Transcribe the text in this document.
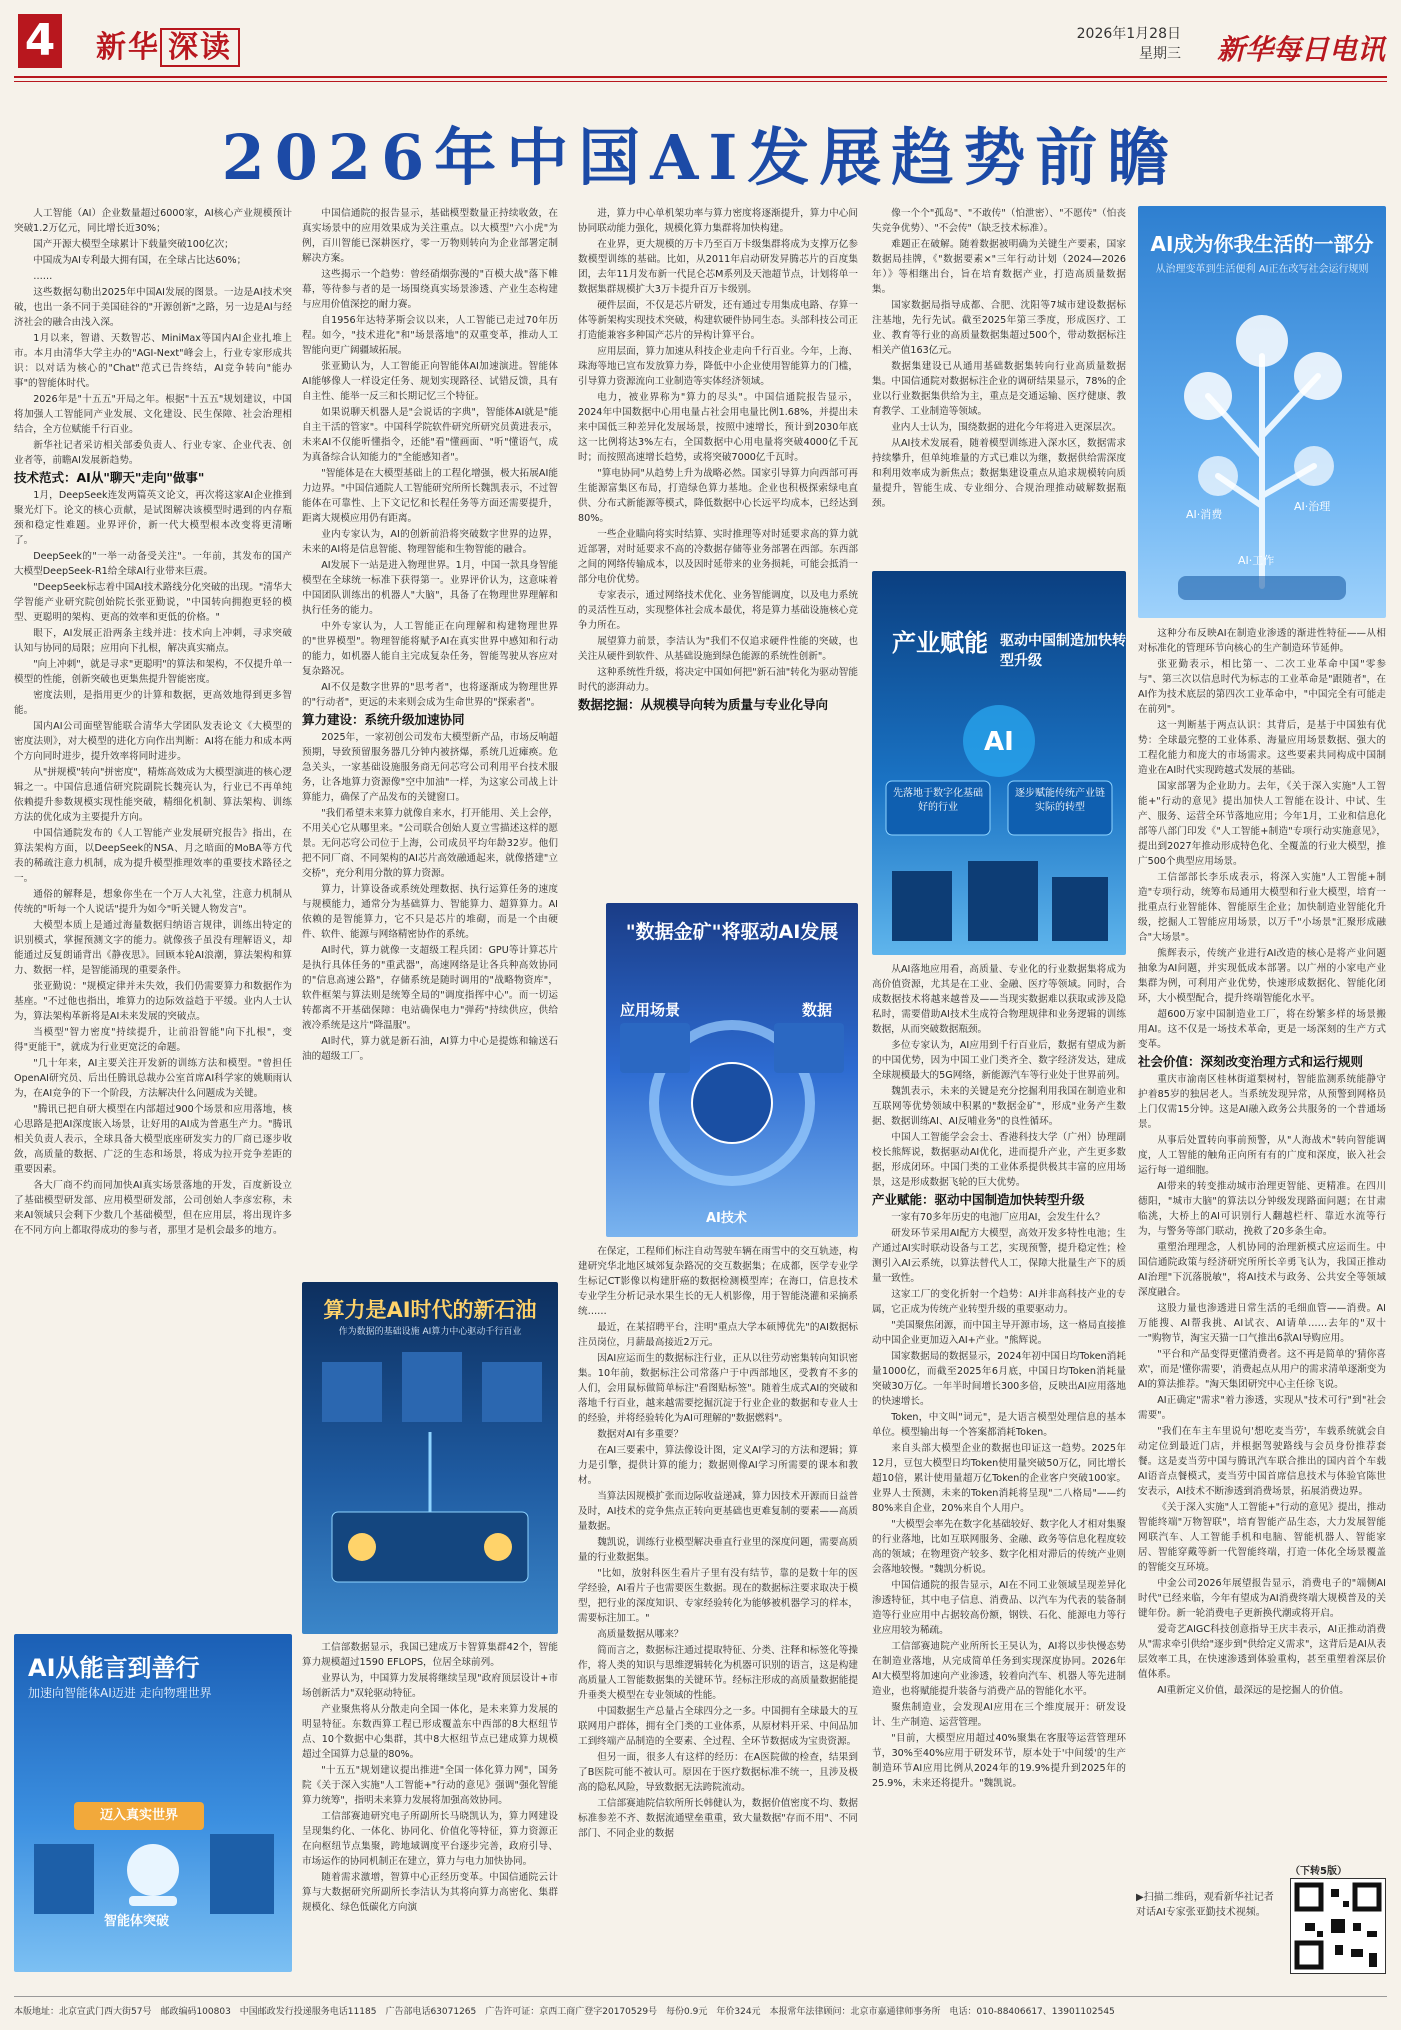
4 新华 深读	2026年1月28日
星期三 新华每日电讯
2026年中国AI发展趋势前瞻

人工智能（AI）企业数量超过6000家，AI核心产业规模预计突破1.2万亿元，同比增长近30%；

国产开源大模型全球累计下载量突破100亿次；

中国成为AI专利最大拥有国，在全球占比达60%；

……

这些数据勾勒出2025年中国AI发展的图景。一边是AI技术突破，也出一条不同于美国硅谷的"开源创新"之路，另一边是AI与经济社会的融合由浅入深。

1月以来，智谱、天数智芯、MiniMax等国内AI企业扎堆上市。本月由清华大学主办的"AGI-Next"峰会上，行业专家形成共识：以对话为核心的"Chat"范式已告终结，AI竞争转向"能办事"的智能体时代。

2026年是"十五五"开局之年。根据"十五五"规划建议，中国将加强人工智能同产业发展、文化建设、民生保障、社会治理相结合，全方位赋能千行百业。

新华社记者采访相关部委负责人、行业专家、企业代表、创业者等，前瞻AI发展新趋势。

技术范式：AI从"聊天"走向"做事"

1月，DeepSeek连发两篇英文论文，再次将这家AI企业推到聚光灯下。论文的核心贡献，是试图解决该模型时遇到的内存瓶颈和稳定性难题。业界评价，新一代大模型根本改变将更清晰了。

DeepSeek的"一举一动备受关注"。一年前，其发布的国产大模型DeepSeek-R1给全球AI行业带来巨震。

"DeepSeek标志着中国AI技术路线分化突破的出现。"清华大学智能产业研究院创始院长张亚勤说，"中国转向拥抱更轻的模型、更聪明的架构、更高的效率和更低的价格。"

眼下，AI发展正沿两条主线并进：技术向上冲刺，寻求突破认知与协同的局限；应用向下扎根，解决真实痛点。

"向上冲刺"，就是寻求"更聪明"的算法和架构，不仅提升单一模型的性能，创新突破也更集焦提升智能密度。

密度法则，是指用更少的计算和数据，更高效地得到更多智能。

国内AI公司面壁智能联合清华大学团队发表论文《大模型的密度法则》，对大模型的进化方向作出判断：AI将在能力和成本两个方向同时进步，提升效率将同时进步。

从"拼规模"转向"拼密度"，精炼高效成为大模型演进的核心逻辑之一。中国信息通信研究院副院长魏亮认为，行业已不再单纯依赖提升参数规模实现性能突破，精细化机制、算法架构、训练方法的优化成为主要提升方向。

中国信通院发布的《人工智能产业发展研究报告》指出，在算法架构方面，以DeepSeek的NSA、月之暗面的MoBA等方代表的稀疏注意力机制，成为提升模型推理效率的重要技术路径之一。

通俗的解释是，想象你坐在一个万人大礼堂，注意力机制从传统的"听每一个人说话"提升为如今"听关键人物发言"。

大模型本质上是通过海量数据归纳语言规律，训练出特定的识别模式，掌握预测文字的能力。就像孩子虽没有理解语义，却能通过反复朗诵背出《静夜思》。回顾本轮AI浪潮，算法架构和算力、数据一样，是智能涌现的重要条件。

张亚勤说："规模定律并未失效，我们仍需要算力和数据作为基座。"不过他也指出，堆算力的边际效益趋于平缓。业内人士认为，算法架构革新将是AI未来发展的突破点。

当模型"智力密度"持续提升，让前沿智能"向下扎根"，变得"更能干"，就成为行业更宽泛的命题。

"几十年来，AI主要关注开发新的训练方法和模型。"曾担任OpenAI研究员、后出任腾讯总裁办公室首席AI科学家的姚顺雨认为，在AI竞争的下一个阶段，方法解决什么问题成为关键。

"腾讯已把自研大模型在内部超过900个场景和应用落地，核心思路是把AI深度嵌入场景，让好用的AI成为普惠生产力。"腾讯相关负责人表示，全球具备大模型底座研发实力的厂商已逐步收敛，高质量的数据、广泛的生态和场景，将成为拉开竞争差距的重要因素。

各大厂商不约而同加快AI真实场景落地的开发，百度新设立了基础模型研发部、应用模型研发部，公司创始人李彦宏称，未来AI领域只会剩下少数几个基础模型，但在应用层，将出现许多在不同方向上都取得成功的参与者，那里才是机会最多的地方。

中国信通院的报告显示，基础模型数量正持续收敛，在真实场景中的应用效果成为关注重点。以大模型"六小虎"为例，百川智能已深耕医疗，零一万物则转向为企业部署定制解决方案。

这些揭示一个趋势：曾经硝烟弥漫的"百模大战"落下帷幕，等待参与者的是一场围绕真实场景渗透、产业生态构建与应用价值深挖的耐力赛。

自1956年达特茅斯会议以来，人工智能已走过70年历程。如今，"技术进化"和"场景落地"的双重变革，推动人工智能向更广阔疆域拓展。

张亚勤认为，人工智能正向智能体AI加速演进。智能体AI能够像人一样设定任务、规划实现路径、试错反馈，具有自主性、能举一反三和长期记忆三个特征。

如果说聊天机器人是"会说话的字典"，智能体AI就是"能自主干活的管家"。中国科学院软件研究所研究员黄进表示，未来AI不仅能听懂指令，还能"看"懂画面、"听"懂语气，成为真备综合认知能力的"全能感知者"。

"智能体是在大模型基础上的工程化增强，极大拓展AI能力边界。"中国信通院人工智能研究所所长魏凯表示，不过智能体在可靠性、上下文记忆和长程任务等方面还需要提升，距离大规模应用仍有距离。

业内专家认为，AI的创新前沿将突破数字世界的边界，未来的AI将是信息智能、物理智能和生物智能的融合。

AI发展下一站是进入物理世界。1月，中国一款具身智能模型在全球统一标准下获得第一。业界评价认为，这意味着中国团队训练出的机器人"大脑"，具备了在物理世界理解和执行任务的能力。

中外专家认为，人工智能正在向理解和构建物理世界的"世界模型"。物理智能将赋予AI在真实世界中感知和行动的能力，如机器人能自主完成复杂任务，智能驾驶从容应对复杂路况。

AI不仅是数字世界的"思考者"，也将逐渐成为物理世界的"行动者"，更远的未来则会成为生命世界的"探索者"。

算力建设：系统升级加速协同

2025年，一家初创公司发布大模型新产品，市场反响超预期，导致预留服务器几分钟内被挤爆，系统几近瘫痪。危急关头，一家基础设施服务商无问芯穹公司利用平台技术服务，让各地算力资源像"空中加油"一样，为这家公司战上计算能力，确保了产品发布的关键窗口。

"我们希望未来算力就像自来水，打开能用、关上会停，不用关心它从哪里来。"公司联合创始人夏立雪描述这样的愿景。无问芯穹公司位于上海，公司成员平均年龄32岁。他们把不同厂商、不同架构的AI芯片高效融通起来，就像搭建"立交桥"，充分利用分散的算力资源。

算力，计算设备或系统处理数据、执行运算任务的速度与规模能力，通常分为基础算力、智能算力、超算算力。AI依赖的是智能算力，它不只是芯片的堆砌，而是一个由硬件、软件、能源与网络精密协作的系统。

AI时代，算力就像一支超级工程兵团：GPU等计算芯片是执行具体任务的"重武器"，高速网络是让各兵种高效协同的"信息高速公路"，存储系统是随时调用的"战略物资库"，软件框架与算法则是统筹全局的"调度指挥中心"。而一切运转都离不开基础保障：电站确保电力"弹药"持续供应，供给液冷系统是这片"降温服"。

AI时代，算力就是新石油，AI算力中心是提炼和输送石油的超级工厂。

工信部数据显示，我国已建成万卡智算集群42个，智能算力规模超过1590 EFLOPS，位居全球前列。

业界认为，中国算力发展将继续呈现"政府顶层设计+市场创新活力"双轮驱动特征。

产业聚焦将从分散走向全国一体化，是未来算力发展的明显特征。东数西算工程已形成覆盖东中西部的8大枢纽节点、10个数据中心集群，其中8大枢纽节点已建成算力规模超过全国算力总量的80%。

"十五五"规划建议提出推进"全国一体化算力网"，国务院《关于深入实施"人工智能+"行动的意见》强调"强化智能算力统筹"，指明未来算力发展将加强高效协同。

工信部赛迪研究电子所副所长马晓凯认为，算力网建设呈现集约化、一体化、协同化、价值化等特征，算力资源正在向枢纽节点集聚，跨地域调度平台逐步完善，政府引导、市场运作的协同机制正在建立，算力与电力加快协同。

随着需求激增，智算中心正经历变革。中国信通院云计算与大数据研究所副所长李洁认为其将向算力高密化、集群规模化、绿色低碳化方向演

进，算力中心单机架功率与算力密度将逐渐提升，算力中心间协同联动能力强化，规模化算力集群将加快构建。

在业界，更大规模的万卡乃至百万卡级集群将成为支撑万亿参数模型训练的基础。比如，从2011年启动研发昇腾芯片的百度集团，去年11月发布新一代昆仑芯M系列及天池超节点，计划将单一数据集群规模扩大3万卡提升百万卡级别。

硬件层面，不仅是芯片研发，还有通过专用集成电路、存算一体等新架构实现技术突破，构建软硬件协同生态。头部科技公司正打造能兼容多种国产芯片的异构计算平台。

应用层面，算力加速从科技企业走向千行百业。今年，上海、珠海等地已宣布发放算力券，降低中小企业使用智能算力的门槛，引导算力资源流向工业制造等实体经济领域。

电力，被业界称为"算力的尽头"。中国信通院报告显示，2024年中国数据中心用电量占社会用电量比例1.68%，并提出未来中国低三种差异化发展场景，按照中速增长，预计到2030年底这一比例将达3%左右，全国数据中心用电量将突破4000亿千瓦时；而按照高速增长趋势，或将突破7000亿千瓦时。

"算电协同"从趋势上升为战略必然。国家引导算力向西部可再生能源富集区布局，打造绿色算力基地。企业也积极探索绿电直供、分布式新能源等模式，降低数据中心长远平均成本，已经达到80%。

一些企业瞄向将实时结算、实时推理等对时延要求高的算力就近部署，对时延要求不高的冷数据存储等业务部署在西部。东西部之间的网络传输成本，以及因时延带来的业务损耗，可能会抵消一部分电价优势。

专家表示，通过网络技术优化、业务智能调度，以及电力系统的灵活性互动，实现整体社会成本最优，将是算力基础设施核心竞争力所在。

展望算力前景，李洁认为"我们不仅追求硬件性能的突破，也关注从硬件到软件、从基础设施到绿色能源的系统性创新"。

这种系统性升级，将决定中国如何把"新石油"转化为驱动智能时代的澎湃动力。

数据挖掘：从规模导向转为质量与专业化导向

在保定，工程师们标注自动驾驶车辆在雨雪中的交互轨迹，构建研究华北地区城郊复杂路况的交互数据集；在成都，医学专业学生标记CT影像以构建肝癌的数据检测模型库；在海口，信息技术专业学生分析记录水果生长的无人机影像，用于智能浇灌和采摘系统……

最近，在某招聘平台，注明"重点大学本硕博优先"的AI数据标注员岗位，月薪最高接近2万元。

因AI应运而生的数据标注行业，正从以往劳动密集转向知识密集。10年前，数据标注公司常落户于中西部地区，受教育不多的人们，会用鼠标做简单标注"看图贴标签"。随着生成式AI的突破和落地千行百业，越来越需要挖掘沉淀于行业企业的数据和专业人士的经验，并将经验转化为AI可理解的"数据燃料"。

数据对AI有多重要？

在AI三要素中，算法像设计图，定义AI学习的方法和逻辑；算力是引擎，提供计算的能力；数据则像AI学习所需要的课本和教材。

当算法因规模扩张而边际收益递减，算力因技术开源而日益普及时，AI技术的竞争焦点正转向更基础也更难复制的要素——高质量数据。

魏凯说，训练行业模型解决垂直行业里的深度问题，需要高质量的行业数据集。

"比如，放射科医生看片子里有没有结节，靠的是数十年的医学经验，AI看片子也需要医生数据。现在的数据标注要求取决于模型，把行业的深度知识、专家经验转化为能够被机器学习的样本，需要标注加工。"

高质量数据从哪来？

简而言之，数据标注通过提取特征、分类、注释和标签化等操作，将人类的知识与思维逻辑转化为机器可识别的语言，这是构建高质量人工智能数据集的关键环节。经标注形成的高质量数据能提升垂类大模型在专业领域的性能。

中国数据生产总量占全球四分之一多。中国拥有全球最大的互联网用户群体，拥有全门类的工业体系，从原材料开采、中间品加工到终端产品制造的全要素、全过程、全环节数据成为宝贵资源。

但另一面，很多人有这样的经历：在A医院做的检查，结果到了B医院可能不被认可。原因在于医疗数据标准不统一，且涉及极高的隐私风险，导致数据无法跨院流动。

工信部赛迪院信软所所长韩健认为，数据价值密度不均、数据标准参差不齐、数据流通壁垒重重，致大量数据"存而不用"、不同部门、不同企业的数据

像一个个"孤岛"、"不敢传"（怕泄密）、"不愿传"（怕丧失竞争优势）、"不会传"（缺乏技术标准）。

难题正在破解。随着数据被明确为关键生产要素，国家数据局挂牌，《"数据要素×"三年行动计划（2024—2026年）》等相继出台，旨在培育数据产业，打造高质量数据集。

国家数据局指导成都、合肥、沈阳等7城市建设数据标注基地，先行先试。截至2025年第三季度，形成医疗、工业、教育等行业的高质量数据集超过500个，带动数据标注相关产值163亿元。

数据集建设已从通用基础数据集转向行业高质量数据集。中国信通院对数据标注企业的调研结果显示，78%的企业以行业数据集供给为主，重点是交通运输、医疗健康、教育教学、工业制造等领域。

业内人士认为，围绕数据的进化今年将进入更深层次。

从AI技术发展看，随着模型训练进入深水区，数据需求持续攀升，但单纯堆量的方式已难以为继，数据供给需深度和利用效率成为新焦点；数据集建设重点从追求规模转向质量提升，智能生成、专业细分、合规治理推动破解数据瓶颈。

从AI落地应用看，高质量、专业化的行业数据集将成为高价值资源，尤其是在工业、金融、医疗等领域。同时，合成数据技术将越来越普及——当现实数据难以获取或涉及隐私时，需要借助AI技术生成符合物理规律和业务逻辑的训练数据，从而突破数据瓶颈。

多位专家认为，AI应用到千行百业后，数据有望成为新的中国优势，因为中国工业门类齐全、数字经济发达，建成全球规模最大的5G网络，新能源汽车等行业处于世界前列。

魏凯表示，未来的关键是充分挖掘利用我国在制造业和互联网等优势领域中积累的"数据金矿"，形成"业务产生数据、数据训练AI、AI反哺业务"的良性循环。

中国人工智能学会会士、香港科技大学（广州）协理副校长熊辉说，数据驱动AI优化，进而提升产业，产生更多数据，形成闭环。中国门类的工业体系提供极其丰富的应用场景，这是形成数据飞轮的巨大优势。

产业赋能：驱动中国制造加快转型升级

一家有70多年历史的电池厂应用AI，会发生什么？

研发环节采用AI配方大模型，高效开发多特性电池；生产通过AI实时联动设备与工艺，实现预警，提升稳定性；检测引入AI云系统，以算法替代人工，保障大批量生产下的质量一致性。

这家工厂的变化折射一个趋势：AI并非高科技产业的专属，它正成为传统产业转型升级的重要驱动力。

"美国聚焦闭源，而中国主导开源市场，这一格局直接推动中国企业更加迈入AI+产业。"熊辉说。

国家数据局的数据显示，2024年初中国日均Token消耗量1000亿，而截至2025年6月底，中国日均Token消耗量突破30万亿。一年半时间增长300多倍，反映出AI应用落地的快速增长。

Token，中文叫"词元"，是大语言模型处理信息的基本单位。模型输出每一个答案都消耗Token。

来自头部大模型企业的数据也印证这一趋势。2025年12月，豆包大模型日均Token使用量突破50万亿，同比增长超10倍，累计使用量超万亿Token的企业客户突破100家。业界人士预测，未来的Token消耗将呈现"二八格局"——约80%来自企业，20%来自个人用户。

"大模型会率先在数字化基础较好、数字化人才相对集聚的行业落地，比如互联网服务、金融、政务等信息化程度较高的领域；在物理资产较多、数字化相对滞后的传统产业则会落地较慢。"魏凯分析说。

中国信通院的报告显示，AI在不同工业领域呈现差异化渗透特征，其中电子信息、消费品、以汽车为代表的装备制造等行业应用中占据较高份额，钢铁、石化、能源电力等行业应用较为稀疏。

工信部赛迪院产业所所长王昊认为，AI将以步快慢态势在制造业落地，从完成简单任务到实现深度协同。2026年AI大模型将加速向产业渗透，较着向汽车、机器人等先进制造业，也将赋能提升装备与消费产品的智能化水平。

聚焦制造业，会发现AI应用在三个维度展开：研发设计、生产制造、运营管理。

"目前，大模型应用超过40%聚集在客服等运营管理环节，30%至40%应用于研发环节，原本处于'中间缓'的生产制造环节AI应用比例从2024年的19.9%提升到2025年的25.9%，未来还将提升。"魏凯说。

这种分布反映AI在制造业渗透的渐进性特征——从相对标准化的管理环节向核心的生产制造环节延伸。

张亚勤表示，相比第一、二次工业革命中国"零参与"、第三次以信息时代为标志的工业革命是"跟随者"，在AI作为技术底层的第四次工业革命中，"中国完全有可能走在前列"。

这一判断基于两点认识：其背后，是基于中国独有优势：全球最完整的工业体系、海量应用场景数据、强大的工程化能力和庞大的市场需求。这些要素共同构成中国制造业在AI时代实现跨越式发展的基础。

国家部署为企业助力。去年，《关于深入实施"人工智能+"行动的意见》提出加快人工智能在设计、中试、生产、服务、运营全环节落地应用；今年1月，工业和信息化部等八部门印发《"人工智能+制造"专项行动实施意见》，提出到2027年推动形成特色化、全覆盖的行业大模型，推广500个典型应用场景。

工信部部长李乐成表示，将深入实施"人工智能+制造"专项行动，统筹布局通用大模型和行业大模型，培育一批重点行业智能体、智能原生企业；加快制造业智能化升级，挖掘人工智能应用场景，以万千"小场景"汇聚形成融合"大场景"。

熊辉表示，传统产业进行AI改造的核心是将产业问题抽象为AI问题，并实现低成本部署。以广州的小家电产业集群为例，可利用产业优势，快速形成数据化、智能化闭环，大小模型配合，提升终端智能化水平。

超600万家中国制造业工厂，将在纷繁多样的场景搬用AI。这不仅是一场技术革命，更是一场深刻的生产方式变革。

社会价值：深刻改变治理方式和运行规则

重庆市渝南区桂林街道梨树村，智能监测系统能静守护着85岁的独居老人。当系统发现异常，从预警到网格员上门仅需15分钟。这是AI融入政务公共服务的一个普通场景。

从事后处置转向事前预警，从"人海战术"转向智能调度，人工智能的触角正向所有有的广度和深度，嵌入社会运行每一道细胞。

AI带来的转变推动城市治理更智能、更精准。在四川德阳，"城市大脑"的算法以分钟级发现路面问题；在甘肃临洮，大桥上的AI可识别行人翻越栏杆、靠近水流等行为，与警务等部门联动，挽救了20多条生命。

重塑治理理念，人机协同的治理新模式应运而生。中国信通院政策与经济研究所所长辛勇飞认为，我国正推动AI治理"下沉落脱敏"，将AI技术与政务、公共安全等领域深度融合。

这股力量也渗透进日常生活的毛细血管——消费。AI万能搜、AI帮我挑、AI试衣、AI请单……去年的"双十一"购物节，淘宝天猫一口气推出6款AI导购应用。

"平台和产品变得更懂消费者。这不再是简单的'猜你喜欢'，而是'懂你需要'，消费起点从用户的需求清单逐渐变为AI的算法推荐。"淘天集团研究中心主任徐飞说。

AI正确定"需求"着力渗透，实现从"技术可行"到"社会需要"。

"我们在车主车里说句'想吃麦当劳'，车载系统就会自动定位到最近门店，并根据驾驶路线与会员身份推荐套餐。这是麦当劳中国与腾讯汽车联合推出的国内首个车载AI语音点餐模式，麦当劳中国首席信息技术与体验官陈世安表示，AI技术不断渗透到消费场景，拓展消费边界。

《关于深入实施"人工智能+"行动的意见》提出，推动智能终端"万物智联"，培育智能产品生态，大力发展智能网联汽车、人工智能手机和电脑、智能机器人、智能家居、智能穿戴等新一代智能终端，打造一体化全场景覆盖的智能交互环境。

中金公司2026年展望报告显示，消费电子的"端侧AI时代"已经来临，今年有望成为AI消费终端大规模普及的关键年份。新一轮消费电子更新换代潮或将开启。

爱奇艺AIGC科技创意指导王庆丰表示，AI正推动消费从"需求牵引供给"逐步到"供给定义需求"，这背后是AI从表层效率工具，在快速渗透到体验重构，甚至重塑着深层价值体系。

AI重新定义价值，最深远的是挖掘人的价值。

（下转5版）
AI成为你我生活的一部分
从治理变革到生活便利 AI正在改写社会运行规则
AI·消费
AI·治理
AI·工作
产业赋能 驱动中国制造加快转型升级
AI
先落地于数字化基础好的行业
逐步赋能传统产业链实际的转型
"数据金矿"将驱动AI发展
应用场景	数据
AI技术
算力是AI时代的新石油
作为数据的基础设施 AI算力中心驱动千行百业
AI从能言到善行
加速向智能体AI迈进 走向物理世界
迈入真实世界
智能体突破
▶扫描二维码，观看新华社记者对话AI专家张亚勤技术视频。
本版地址：北京宣武门西大街57号　邮政编码100803　中国邮政发行投递服务电话11185　广告部电话63071265　广告许可证：京西工商广登字20170529号　每份0.9元　年价324元　本报常年法律顾问：北京市嘉通律师事务所　电话：010-88406617、13901102545
